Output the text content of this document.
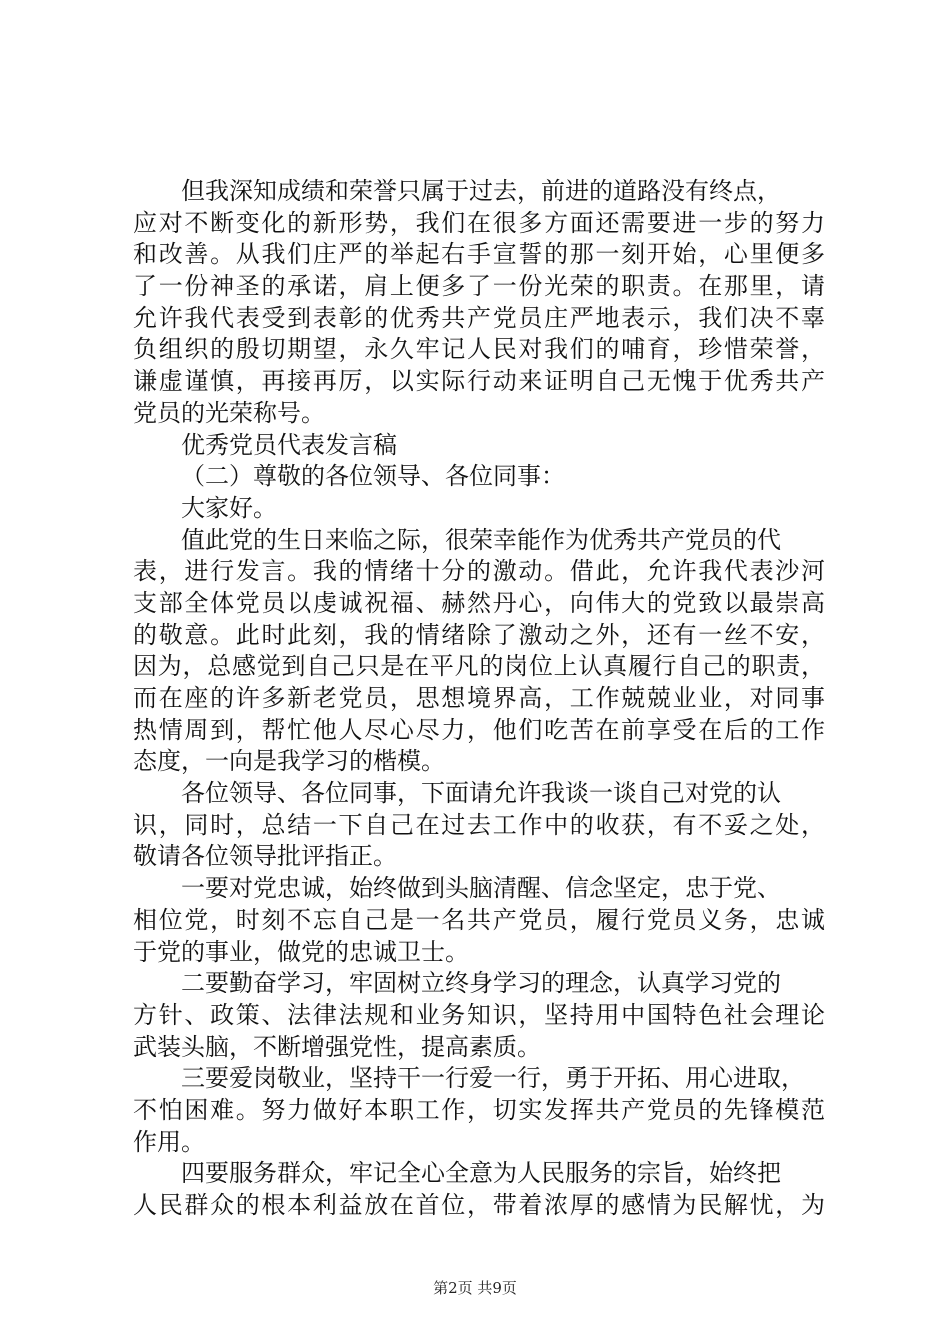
但我深知成绩和荣誉只属于过去，前进的道路没有终点，
应对不断变化的新形势，我们在很多方面还需要进一步的努力
和改善。从我们庄严的举起右手宣誓的那一刻开始，心里便多
了一份神圣的承诺，肩上便多了一份光荣的职责。在那里，请
允许我代表受到表彰的优秀共产党员庄严地表示，我们决不辜
负组织的殷切期望，永久牢记人民对我们的哺育，珍惜荣誉，
谦虚谨慎，再接再厉，以实际行动来证明自己无愧于优秀共产
党员的光荣称号。
优秀党员代表发言稿
（二）尊敬的各位领导、各位同事：
大家好。
值此党的生日来临之际，很荣幸能作为优秀共产党员的代
表，进行发言。我的情绪十分的激动。借此，允许我代表沙河
支部全体党员以虔诚祝福、赫然丹心，向伟大的党致以最崇高
的敬意。此时此刻，我的情绪除了激动之外，还有一丝不安，
因为，总感觉到自己只是在平凡的岗位上认真履行自己的职责，
而在座的许多新老党员，思想境界高，工作兢兢业业，对同事
热情周到，帮忙他人尽心尽力，他们吃苦在前享受在后的工作
态度，一向是我学习的楷模。
各位领导、各位同事，下面请允许我谈一谈自己对党的认
识，同时，总结一下自己在过去工作中的收获，有不妥之处，
敬请各位领导批评指正。
一要对党忠诚，始终做到头脑清醒、信念坚定，忠于党、
相位党，时刻不忘自己是一名共产党员，履行党员义务，忠诚
于党的事业，做党的忠诚卫士。
二要勤奋学习，牢固树立终身学习的理念，认真学习党的
方针、政策、法律法规和业务知识，坚持用中国特色社会理论
武装头脑，不断增强党性，提高素质。
三要爱岗敬业，坚持干一行爱一行，勇于开拓、用心进取，
不怕困难。努力做好本职工作，切实发挥共产党员的先锋模范
作用。
四要服务群众，牢记全心全意为人民服务的宗旨，始终把
人民群众的根本利益放在首位，带着浓厚的感情为民解忧，为
第2页 共9页
